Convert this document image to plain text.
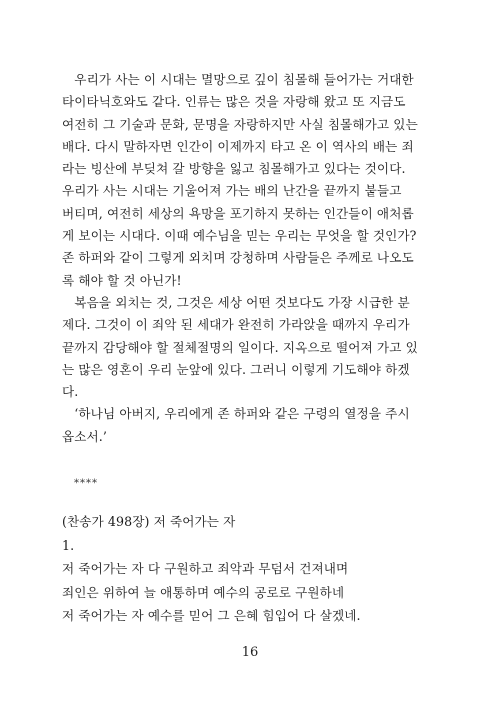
우리가 사는 이 시대는 멸망으로 깊이 침몰해 들어가는 거대한
타이타닉호와도 같다. 인류는 많은 것을 자랑해 왔고 또 지금도
여전히 그 기술과 문화, 문명을 자랑하지만 사실 침몰해가고 있는
배다. 다시 말하자면 인간이 이제까지 타고 온 이 역사의 배는 죄
라는 빙산에 부딪쳐 갈 방향을 잃고 침몰해가고 있다는 것이다.
우리가 사는 시대는 기울어져 가는 배의 난간을 끝까지 붙들고
버티며, 여전히 세상의 욕망을 포기하지 못하는 인간들이 애처롭
게 보이는 시대다. 이때 예수님을 믿는 우리는 무엇을 할 것인가?
존 하퍼와 같이 그렇게 외치며 강청하며 사람들은 주께로 나오도
록 해야 할 것 아닌가!
복음을 외치는 것, 그것은 세상 어떤 것보다도 가장 시급한 분
제다. 그것이 이 죄악 된 세대가 완전히 가라앉을 때까지 우리가
끝까지 감당해야 할 절체절명의 일이다. 지옥으로 떨어져 가고 있
는 많은 영혼이 우리 눈앞에 있다. 그러니 이렇게 기도해야 하겠
다.
‘하나님 아버지, 우리에게 존 하퍼와 같은 구령의 열정을 주시
옵소서.’
****
(찬송가 498장) 저 죽어가는 자
1.
저 죽어가는 자 다 구원하고 죄악과 무덤서 건져내며
죄인은 위하여 늘 애통하며 예수의 공로로 구원하네
저 죽어가는 자 예수를 믿어 그 은혜 힘입어 다 살겠네.
16
